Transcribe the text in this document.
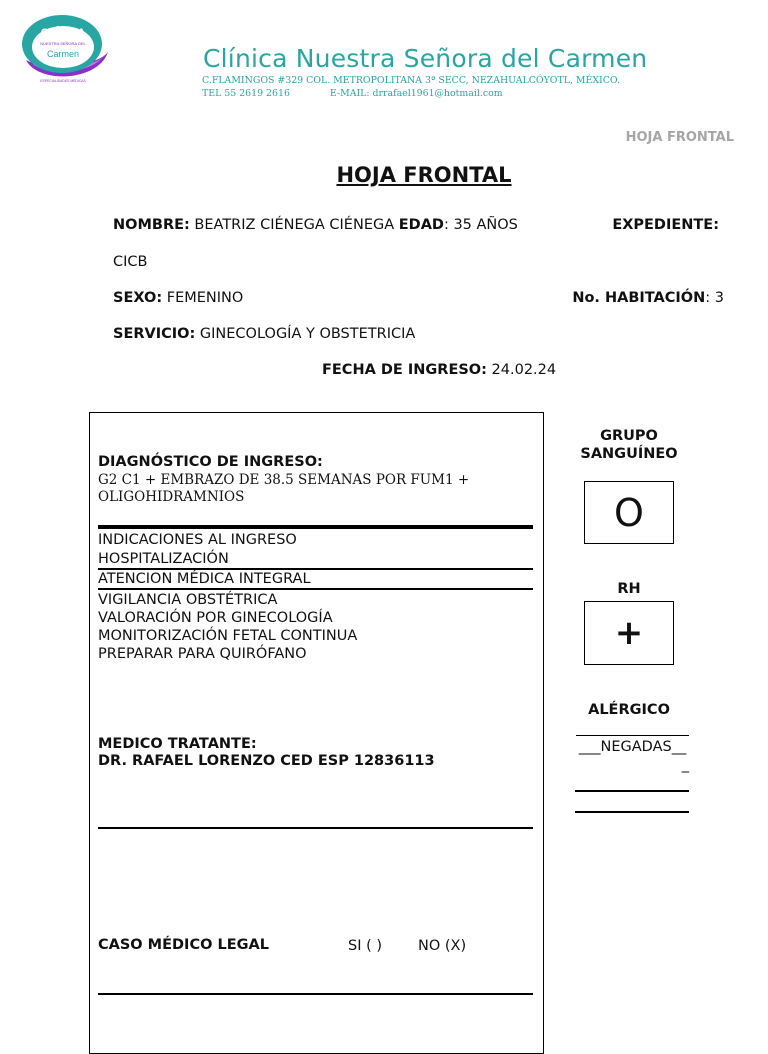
CLÍNICA
NUESTRA SEÑORA DEL
Carmen
ESPECIALIDADES MÉDICAS
Clínica Nuestra Señora del Carmen
C.FLAMINGOS #329 COL. METROPOLITANA 3ª SECC, NEZAHUALCÓYOTL, MÉXICO.
TEL 55 2619 2616	E-MAIL: drrafael1961@hotmail.com
HOJA FRONTAL
HOJA FRONTAL
NOMBRE: BEATRIZ CIÉNEGA CIÉNEGA EDAD: 35 AÑOS	EXPEDIENTE:
CICB
SEXO: FEMENINO	No. HABITACIÓN: 3
SERVICIO: GINECOLOGÍA Y OBSTETRICIA
FECHA DE INGRESO: 24.02.24
DIAGNÓSTICO DE INGRESO:
G2 C1 + EMBRAZO DE 38.5 SEMANAS POR FUM1 +
OLIGOHIDRAMNIOS
INDICACIONES AL INGRESO
HOSPITALIZACIÓN
ATENCION MÉDICA INTEGRAL
VIGILANCIA OBSTÉTRICA
VALORACIÓN POR GINECOLOGÍA
MONITORIZACIÓN FETAL CONTINUA
PREPARAR PARA QUIRÓFANO
MEDICO TRATANTE:
DR. RAFAEL LORENZO CED ESP 12836113
CASO MÉDICO LEGAL	SI ( ) NO (X)
GRUPO
SANGUÍNEO
O
RH
+
ALÉRGICO
___NEGADAS__
_
